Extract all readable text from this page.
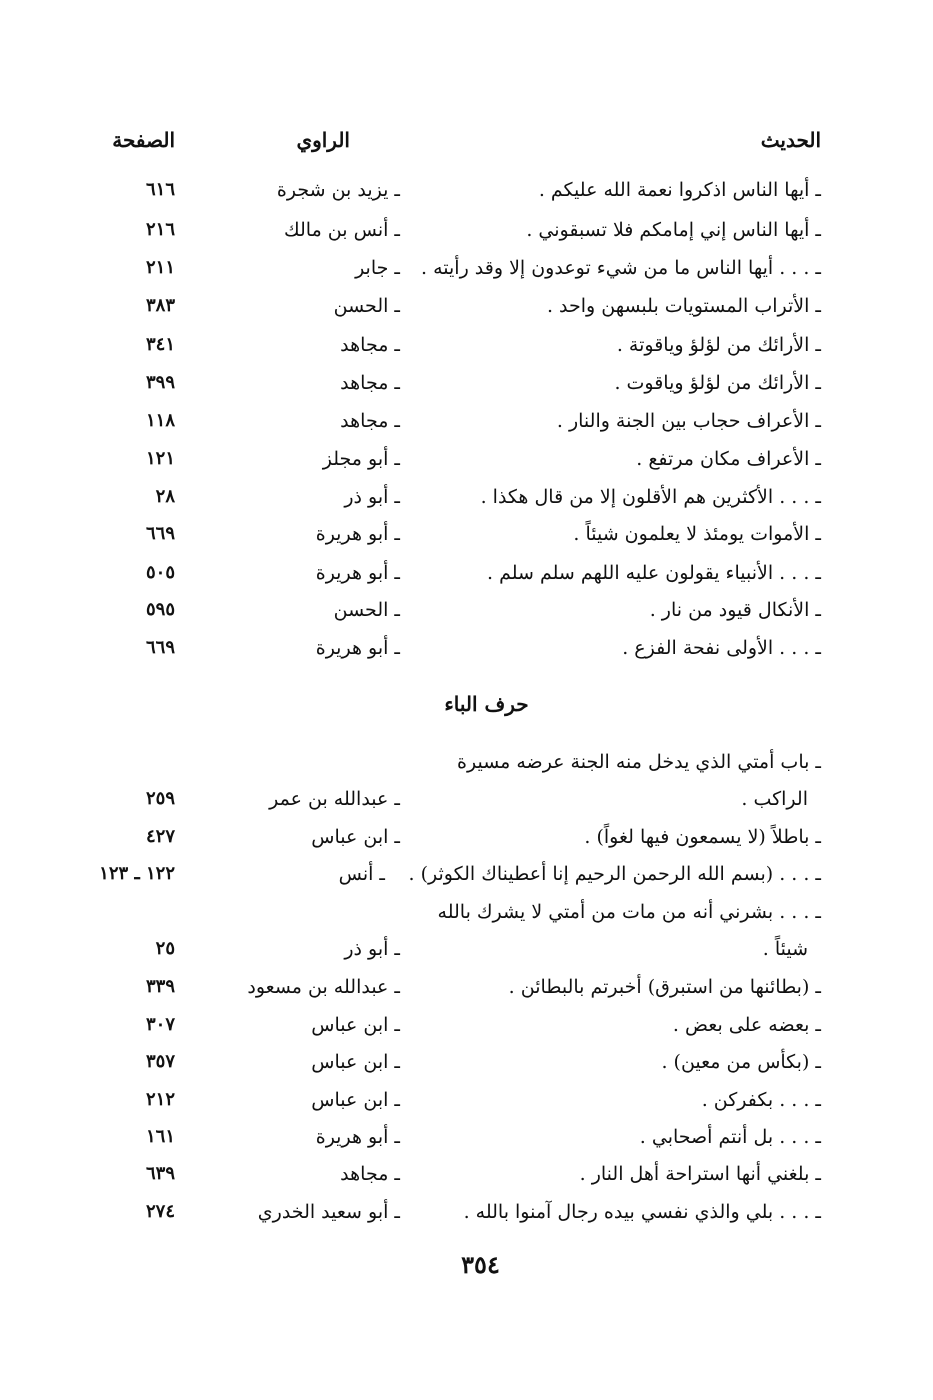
الحديث
الراوي
الصفحة
ـ أيها الناس اذكروا نعمة الله عليكم .
ـ يزيد بن شجرة
٦١٦
ـ أيها الناس إني إمامكم فلا تسبقوني .
ـ أنس بن مالك
٢١٦
ـ . . . أيها الناس ما من شيء توعدون إلا وقد رأيته .
ـ جابر
٢١١
ـ الأتراب المستويات بلبسهن واحد .
ـ الحسن
٣٨٣
ـ الأرائك من لؤلؤ وياقوتة .
ـ مجاهد
٣٤١
ـ الأرائك من لؤلؤ وياقوت .
ـ مجاهد
٣٩٩
ـ الأعراف حجاب بين الجنة والنار .
ـ مجاهد
١١٨
ـ الأعراف مكان مرتفع .
ـ أبو مجلز
١٢١
ـ . . . الأكثرين هم الأقلون إلا من قال هكذا .
ـ أبو ذر
٢٨
ـ الأموات يومئذ لا يعلمون شيئاً .
ـ أبو هريرة
٦٦٩
ـ . . . الأنبياء يقولون عليه اللهم سلم سلم .
ـ أبو هريرة
٥٠٥
ـ الأنكال قيود من نار .
ـ الحسن
٥٩٥
ـ . . . الأولى نفحة الفزع .
ـ أبو هريرة
٦٦٩
حرف الباء
ـ باب أمتي الذي يدخل منه الجنة عرضه مسيرة
الراكب .
ـ عبدالله بن عمر
٢٥٩
ـ باطلاً (لا يسمعون فيها لغواً) .
ـ ابن عباس
٤٢٧
ـ . . . (بسم الله الرحمن الرحيم إنا أعطيناك الكوثر) .
ـ أنس
١٢٢ ـ ١٢٣
ـ . . . بشرني أنه من مات من أمتي لا يشرك بالله
شيئاً .
ـ أبو ذر
٢٥
ـ (بطائنها من استبرق) أخبرتم بالبطائن .
ـ عبدالله بن مسعود
٣٣٩
ـ بعضه على بعض .
ـ ابن عباس
٣٠٧
ـ (بكأس من معين) .
ـ ابن عباس
٣٥٧
ـ . . . بكفركن .
ـ ابن عباس
٢١٢
ـ . . . بل أنتم أصحابي .
ـ أبو هريرة
١٦١
ـ بلغني أنها استراحة أهل النار .
ـ مجاهد
٦٣٩
ـ . . . بلي والذي نفسي بيده رجال آمنوا بالله .
ـ أبو سعيد الخدري
٢٧٤
٣٥٤
